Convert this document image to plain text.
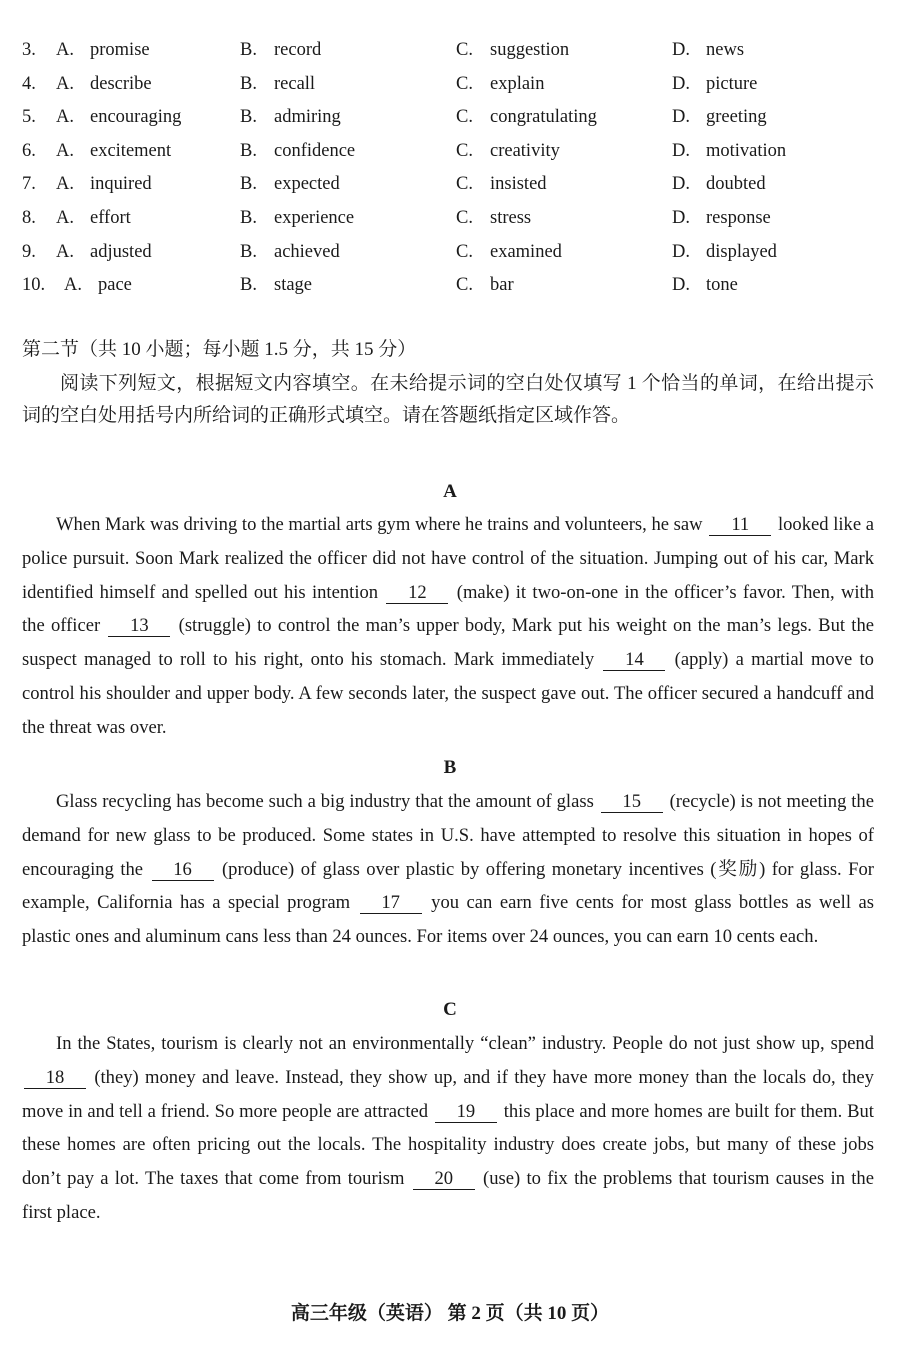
3. A. promise	B. record	C. suggestion	D. news
4. A. describe	B. recall	C. explain	D. picture
5. A. encouraging	B. admiring	C. congratulating	D. greeting
6. A. excitement	B. confidence	C. creativity	D. motivation
7. A. inquired	B. expected	C. insisted	D. doubted
8. A. effort	B. experience	C. stress	D. response
9. A. adjusted	B. achieved	C. examined	D. displayed
10. A. pace	B. stage	C. bar	D. tone
第二节（共 10 小题；每小题 1.5 分，共 15 分）
阅读下列短文，根据短文内容填空。在未给提示词的空白处仅填写 1 个恰当的单词，在给出提示词的空白处用括号内所给词的正确形式填空。请在答题纸指定区域作答。
A
When Mark was driving to the martial arts gym where he trains and volunteers, he saw 11 looked like a police pursuit. Soon Mark realized the officer did not have control of the situation. Jumping out of his car, Mark identified himself and spelled out his intention 12 (make) it two-on-one in the officer’s favor. Then, with the officer 13 (struggle) to control the man’s upper body, Mark put his weight on the man’s legs. But the suspect managed to roll to his right, onto his stomach. Mark immediately 14 (apply) a martial move to control his shoulder and upper body. A few seconds later, the suspect gave out. The officer secured a handcuff and the threat was over.
B
Glass recycling has become such a big industry that the amount of glass 15 (recycle) is not meeting the demand for new glass to be produced. Some states in U.S. have attempted to resolve this situation in hopes of encouraging the 16 (produce) of glass over plastic by offering monetary incentives (奖励) for glass. For example, California has a special program 17 you can earn five cents for most glass bottles as well as plastic ones and aluminum cans less than 24 ounces. For items over 24 ounces, you can earn 10 cents each.
C
In the States, tourism is clearly not an environmentally “clean” industry. People do not just show up, spend 18 (they) money and leave. Instead, they show up, and if they have more money than the locals do, they move in and tell a friend. So more people are attracted 19 this place and more homes are built for them. But these homes are often pricing out the locals. The hospitality industry does create jobs, but many of these jobs don’t pay a lot. The taxes that come from tourism 20 (use) to fix the problems that tourism causes in the first place.
高三年级（英语） 第 2 页（共 10 页）
